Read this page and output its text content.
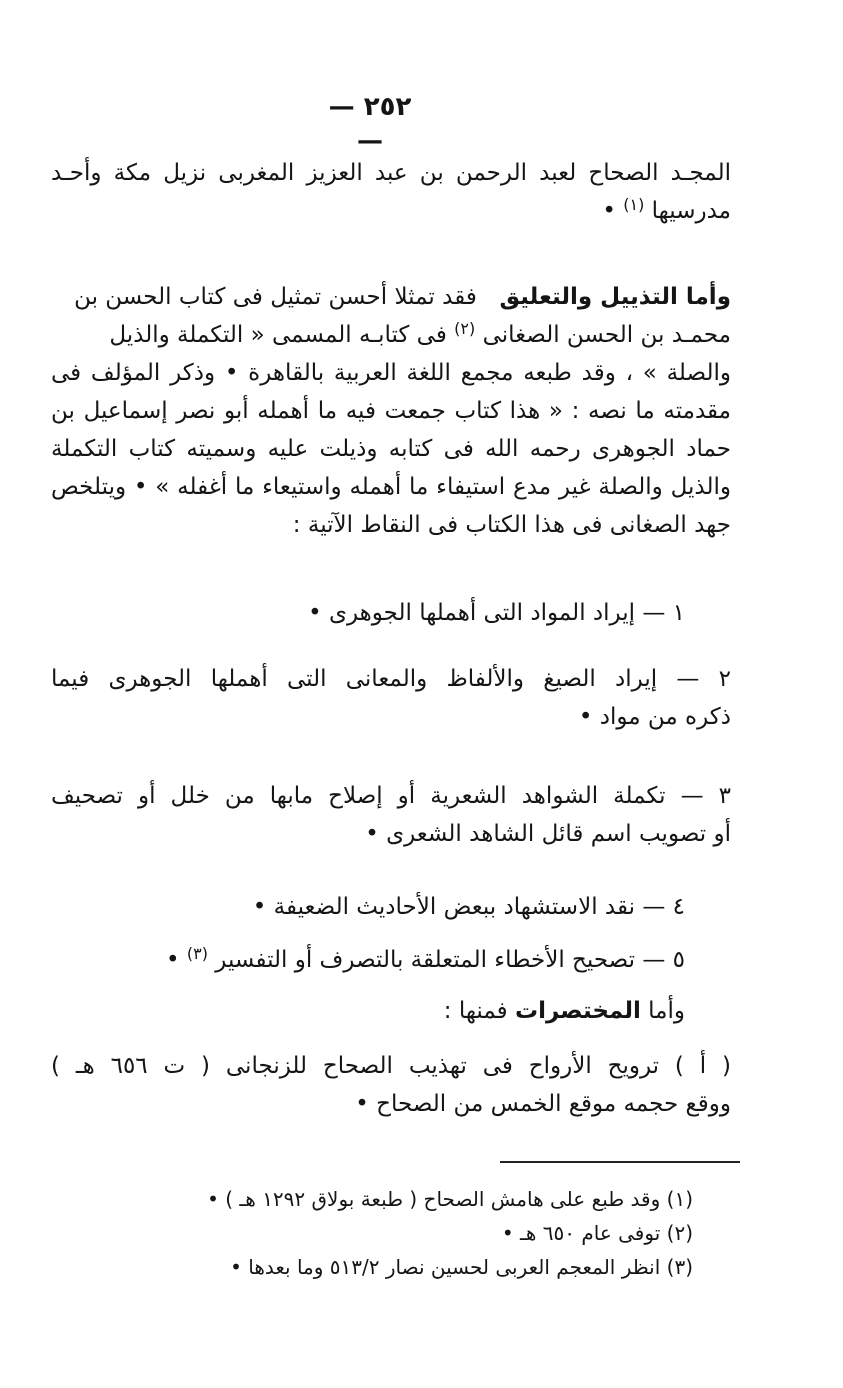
— ٢٥٢ —
المجـد الصحاح لعبد الرحمن بن عبد العزيز المغربى نزيل مكة وأحـد
مدرسيها $^{(١)}$ •
وأما التذييل والتعليق  فقد تمثلا أحسن تمثيل فى كتاب الحسن بن
محمـد بن الحسن الصغانى $^{(٢)}$ فى كتابـه المسمى « التكملة والذيل
والصلة » ، وقد طبعه مجمع اللغة العربية بالقاهرة • وذكر المؤلف فى
مقدمته ما نصه : « هذا كتاب جمعت فيه ما أهمله أبو نصر إسماعيل بن
حماد الجوهرى رحمه الله فى كتابه وذيلت عليه وسميته كتاب التكملة
والذيل والصلة غير مدع استيفاء ما أهمله واستيعاء ما أغفله » • ويتلخص
جهد الصغانى فى هذا الكتاب فى النقاط الآتية :
١ — إيراد المواد التى أهملها الجوهرى •
٢ — إيراد الصيغ والألفاظ والمعانى التى أهملها الجوهرى فيما
ذكره من مواد •
٣ — تكملة الشواهد الشعرية أو إصلاح مابها من خلل أو تصحيف
أو تصويب اسم قائل الشاهد الشعرى •
٤ — نقد الاستشهاد ببعض الأحاديث الضعيفة •
٥ — تصحيح الأخطاء المتعلقة بالتصرف أو التفسير $^{(٣)}$ •
وأما المختصرات فمنها :
( أ ) ترويح الأرواح فى تهذيب الصحاح للزنجانى ( ت ٦٥٦ هـ )
ووقع حجمه موقع الخمس من الصحاح •
(١) وقد طبع على هامش الصحاح ( طبعة بولاق ١٢٩٢ هـ ) •
(٢) توفى عام ٦٥٠ هـ •
(٣) انظر المعجم العربى لحسين نصار ٥١٣/٢ وما بعدها •
